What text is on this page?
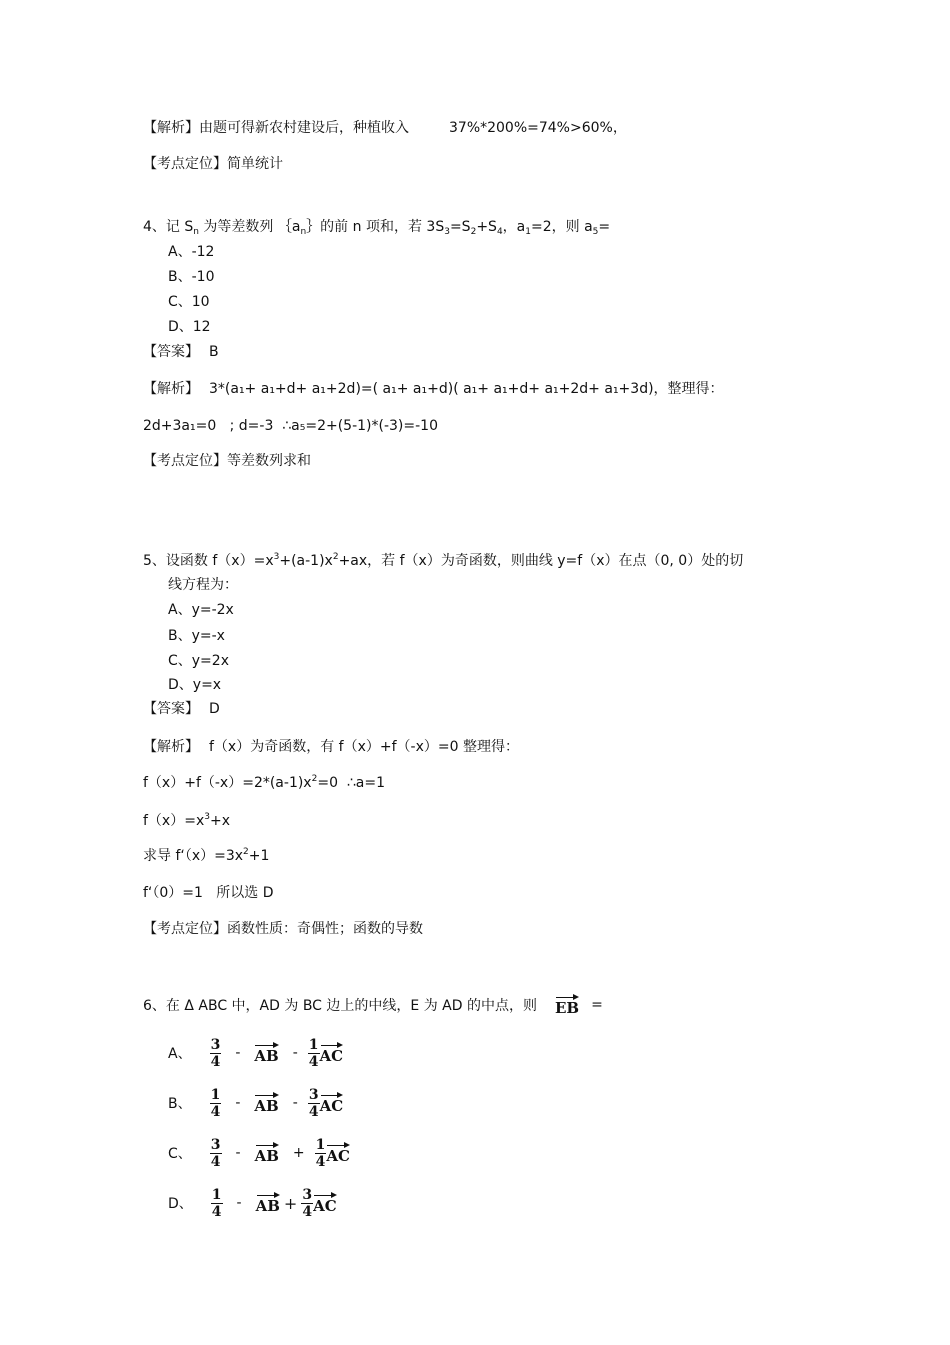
【解析】由题可得新农村建设后，种植收入	37%*200%=74%>60%，
【考点定位】简单统计
4、记 $S_n$ 为等差数列 $\{a_n\}$的前 n 项和，若 $3S_3=S_2+S_4$，$a_1=2$，则 $a_5=$
A、-12
B、-10
C、10
D、12
【答案】 B
【解析】 3*(a₁+ a₁+d+ a₁+2d)=( a₁+ a₁+d)( a₁+ a₁+d+ a₁+2d+ a₁+3d)，整理得：
2d+3a₁=0   ; d=-3  ∴a₅=2+(5-1)*(-3)=-10
【考点定位】等差数列求和
5、设函数 $f(x)=x^3+(a-1)x^2+ax$，若 f（x）为奇函数，则曲线 y=f（x）在点（0, 0）处的切
线方程为：
A、y=-2x
B、y=-x
C、y=2x
D、y=x
【答案】 D
【解析】 f（x）为奇函数，有 f（x）+f（-x）=0 整理得：
$f(x)+f(-x)=2*(a-1)x^2=0$  ∴a=1
$f(x)=x^3+x$
求导 $f‘(x)=3x^2+1$
f‘（0）=1   所以选 D
【考点定位】函数性质：奇偶性；函数的导数
6、 在 Δ ABC 中，AD 为 BC 边上的中线，E 为 AD 的中点，则 EB =
A、 $\frac{3}{4}$ - AB - $\frac{1}{4}$ AC
B、 $\frac{1}{4}$ - AB - $\frac{3}{4}$ AC
C、 $\frac{3}{4}$ - AB + $\frac{1}{4}$ AC
D、 $\frac{1}{4}$ - AB + $\frac{3}{4}$ AC
